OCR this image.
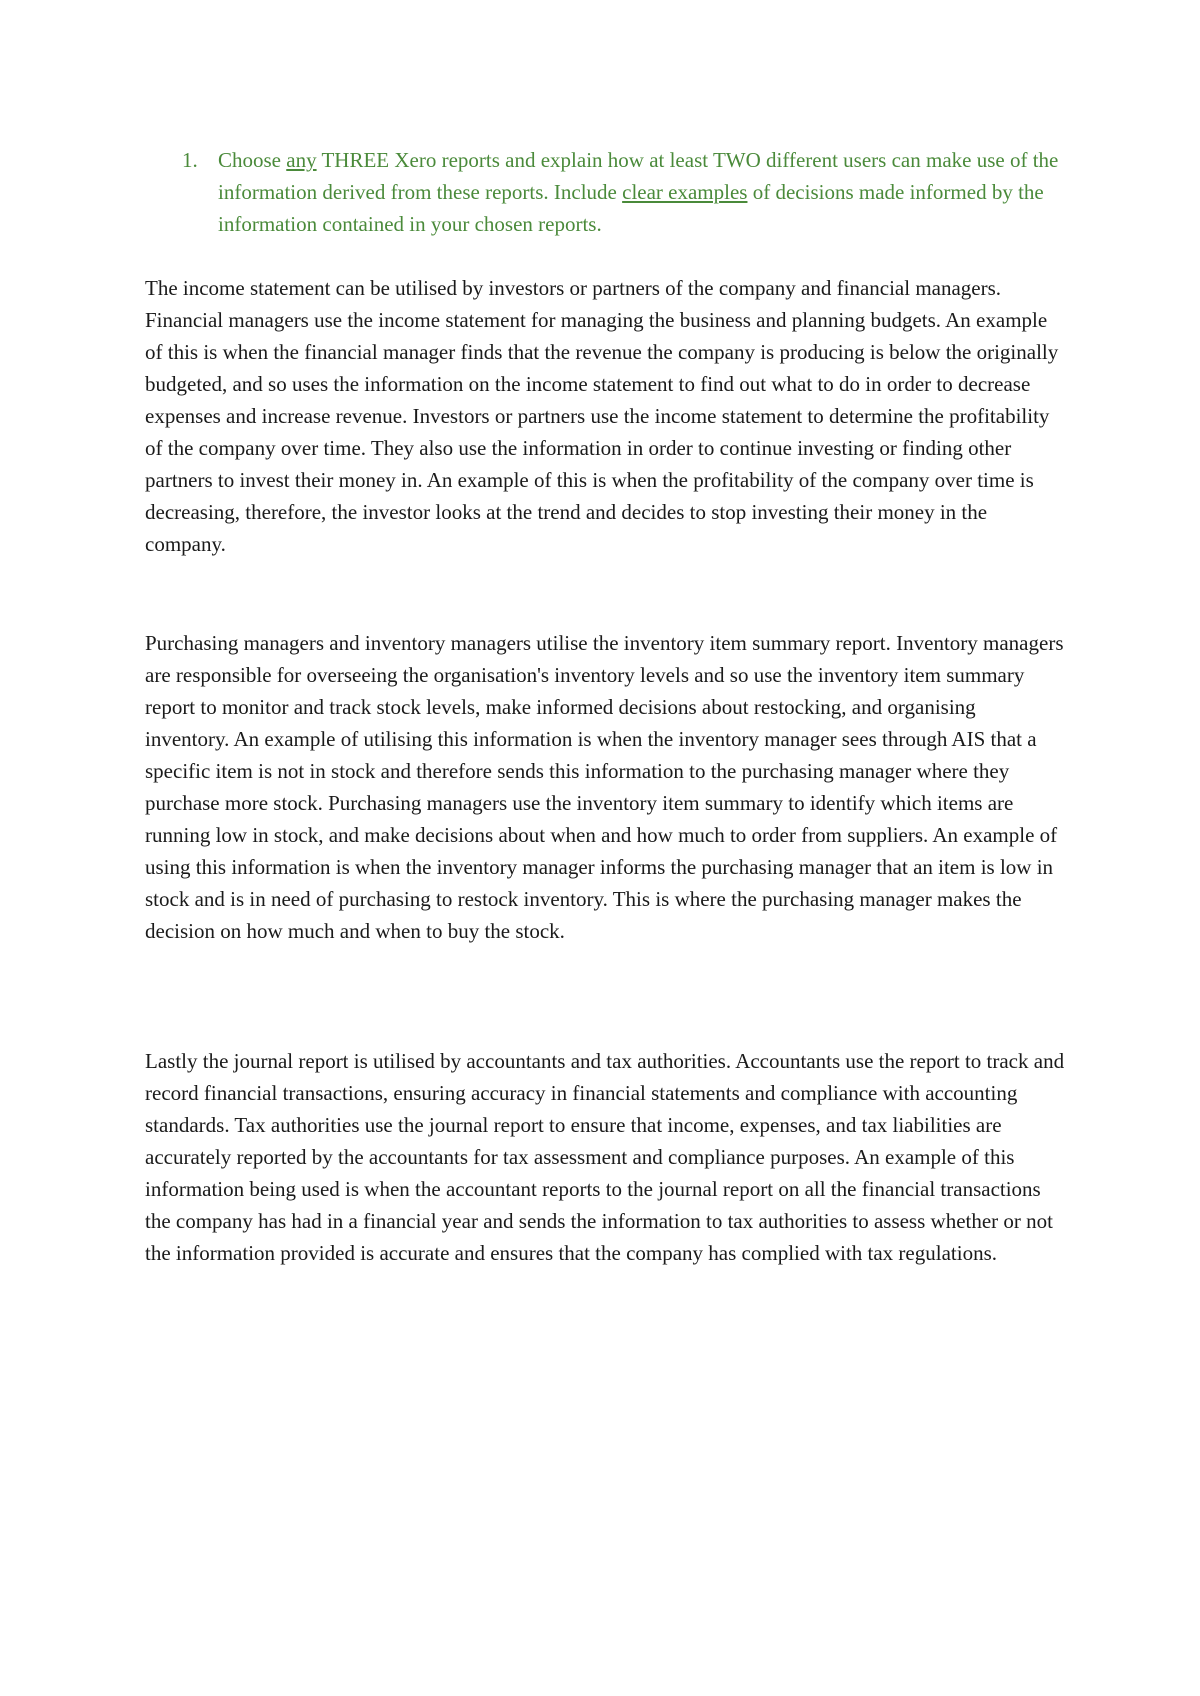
1. Choose any THREE Xero reports and explain how at least TWO different users can make use of the information derived from these reports. Include clear examples of decisions made informed by the information contained in your chosen reports.

The income statement can be utilised by investors or partners of the company and financial managers. Financial managers use the income statement for managing the business and planning budgets. An example of this is when the financial manager finds that the revenue the company is producing is below the originally budgeted, and so uses the information on the income statement to find out what to do in order to decrease expenses and increase revenue. Investors or partners use the income statement to determine the profitability of the company over time. They also use the information in order to continue investing or finding other partners to invest their money in. An example of this is when the profitability of the company over time is decreasing, therefore, the investor looks at the trend and decides to stop investing their money in the company.

Purchasing managers and inventory managers utilise the inventory item summary report. Inventory managers are responsible for overseeing the organisation's inventory levels and so use the inventory item summary report to monitor and track stock levels, make informed decisions about restocking, and organising inventory. An example of utilising this information is when the inventory manager sees through AIS that a specific item is not in stock and therefore sends this information to the purchasing manager where they purchase more stock. Purchasing managers use the inventory item summary to identify which items are running low in stock, and make decisions about when and how much to order from suppliers. An example of using this information is when the inventory manager informs the purchasing manager that an item is low in stock and is in need of purchasing to restock inventory. This is where the purchasing manager makes the decision on how much and when to buy the stock.

Lastly the journal report is utilised by accountants and tax authorities. Accountants use the report to track and record financial transactions, ensuring accuracy in financial statements and compliance with accounting standards. Tax authorities use the journal report to ensure that income, expenses, and tax liabilities are accurately reported by the accountants for tax assessment and compliance purposes. An example of this information being used is when the accountant reports to the journal report on all the financial transactions the company has had in a financial year and sends the information to tax authorities to assess whether or not the information provided is accurate and ensures that the company has complied with tax regulations.
